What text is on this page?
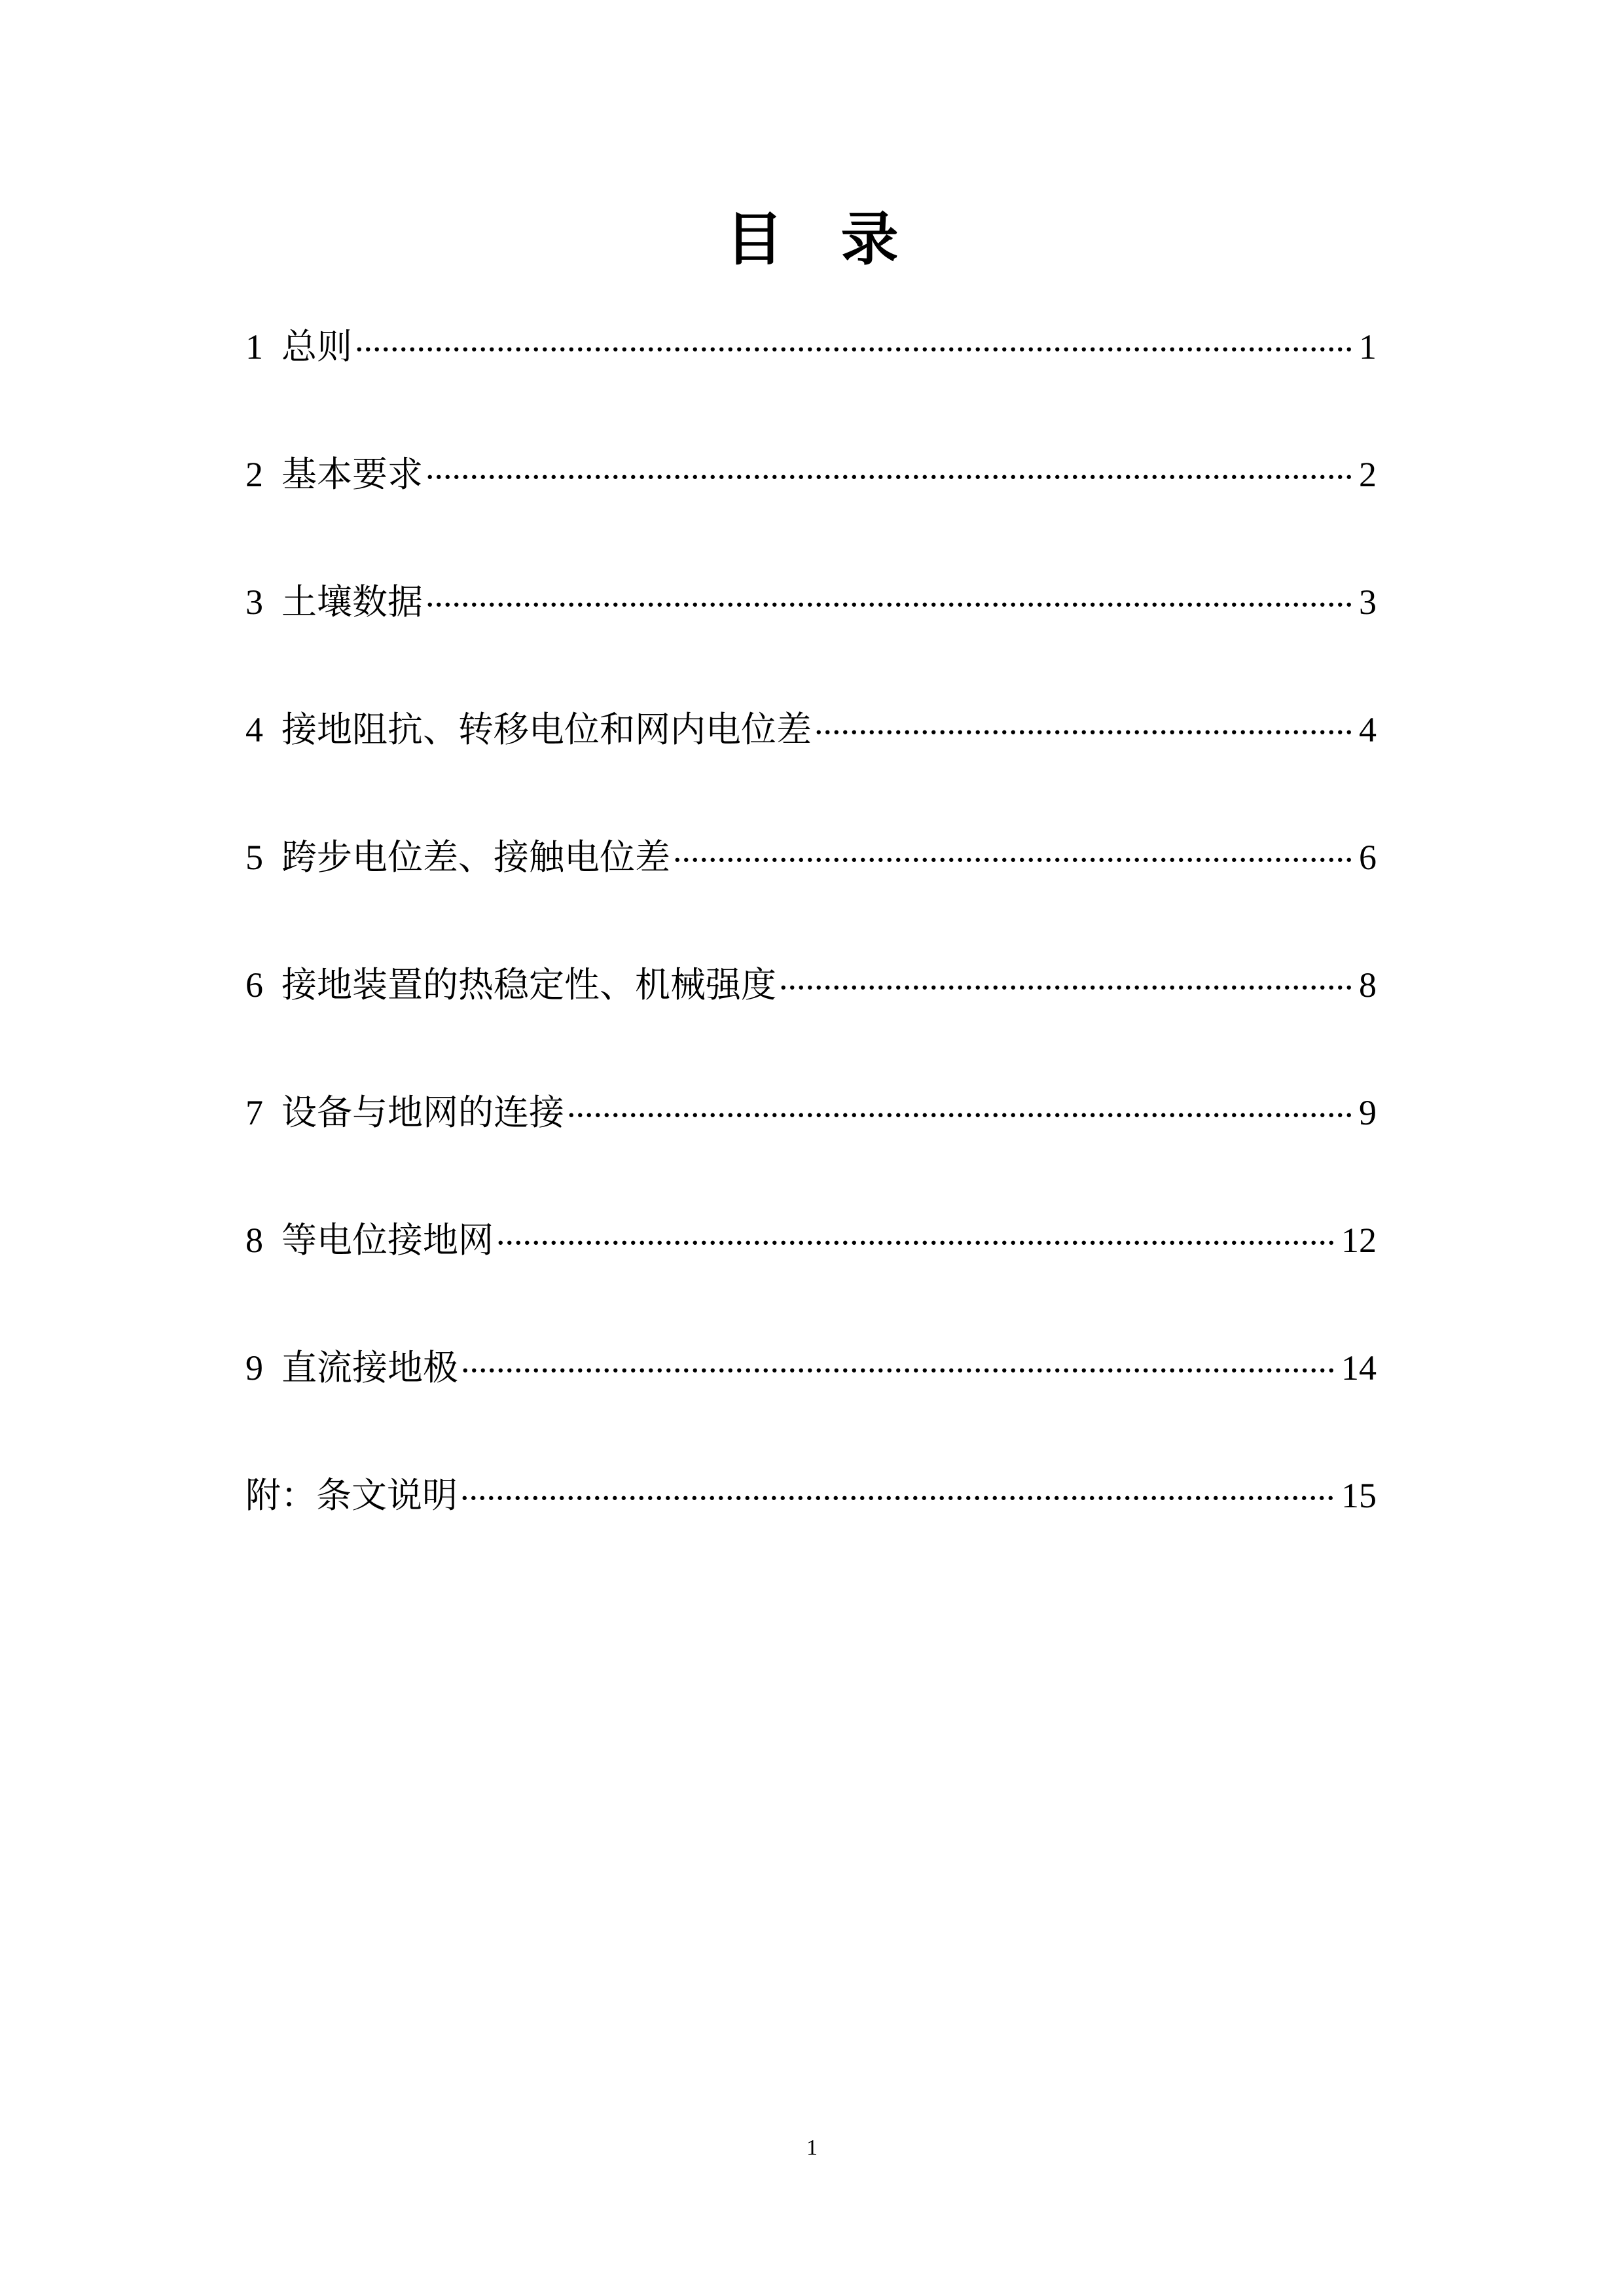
目　录
1 总则 .....	1
2 基本要求 .....	2
3 土壤数据 .....	3
4 接地阻抗、转移电位和网内电位差 .....	4
5 跨步电位差、接触电位差 .....	6
6 接地装置的热稳定性、机械强度 .....	8
7 设备与地网的连接 .....	9
8 等电位接地网 .....	12
9 直流接地极 .....	14
附：条文说明 .....	15
1
